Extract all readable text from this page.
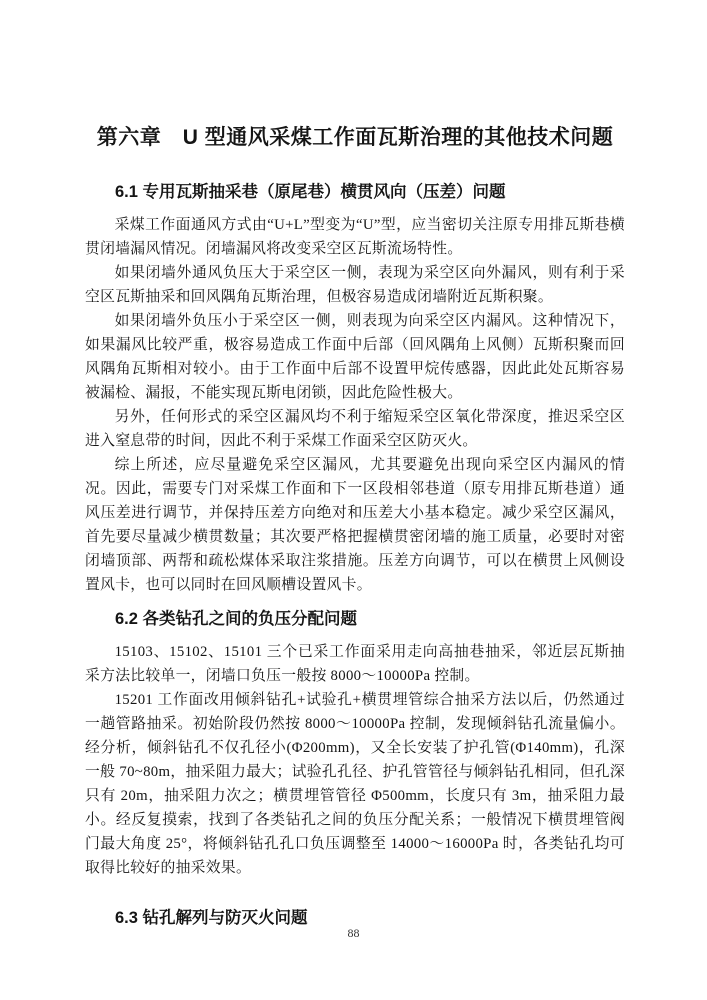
第六章　U 型通风采煤工作面瓦斯治理的其他技术问题
6.1 专用瓦斯抽采巷（原尾巷）横贯风向（压差）问题

采煤工作面通风方式由“U+L”型变为“U”型，应当密切关注原专用排瓦斯巷横贯闭墙漏风情况。闭墙漏风将改变采空区瓦斯流场特性。

如果闭墙外通风负压大于采空区一侧，表现为采空区向外漏风，则有利于采空区瓦斯抽采和回风隅角瓦斯治理，但极容易造成闭墙附近瓦斯积聚。

如果闭墙外负压小于采空区一侧，则表现为向采空区内漏风。这种情况下，如果漏风比较严重，极容易造成工作面中后部（回风隅角上风侧）瓦斯积聚而回风隅角瓦斯相对较小。由于工作面中后部不设置甲烷传感器，因此此处瓦斯容易被漏检、漏报，不能实现瓦斯电闭锁，因此危险性极大。

另外，任何形式的采空区漏风均不利于缩短采空区氧化带深度，推迟采空区进入窒息带的时间，因此不利于采煤工作面采空区防灭火。

综上所述，应尽量避免采空区漏风，尤其要避免出现向采空区内漏风的情况。因此，需要专门对采煤工作面和下一区段相邻巷道（原专用排瓦斯巷道）通风压差进行调节，并保持压差方向绝对和压差大小基本稳定。减少采空区漏风，首先要尽量减少横贯数量；其次要严格把握横贯密闭墙的施工质量，必要时对密闭墙顶部、两帮和疏松煤体采取注浆措施。压差方向调节，可以在横贯上风侧设置风卡，也可以同时在回风顺槽设置风卡。

6.2 各类钻孔之间的负压分配问题

15103、15102、15101 三个已采工作面采用走向高抽巷抽采，邻近层瓦斯抽采方法比较单一，闭墙口负压一般按 8000～10000Pa 控制。

15201 工作面改用倾斜钻孔+试验孔+横贯埋管综合抽采方法以后，仍然通过一趟管路抽采。初始阶段仍然按 8000～10000Pa 控制，发现倾斜钻孔流量偏小。经分析，倾斜钻孔不仅孔径小(Φ200mm)，又全长安装了护孔管(Φ140mm)，孔深一般 70~80m，抽采阻力最大；试验孔孔径、护孔管管径与倾斜钻孔相同，但孔深只有 20m，抽采阻力次之；横贯埋管管径 Φ500mm，长度只有 3m，抽采阻力最小。经反复摸索，找到了各类钻孔之间的负压分配关系；一般情况下横贯埋管阀门最大角度 25°，将倾斜钻孔孔口负压调整至 14000～16000Pa 时，各类钻孔均可取得比较好的抽采效果。

6.3 钻孔解列与防灭火问题
88
